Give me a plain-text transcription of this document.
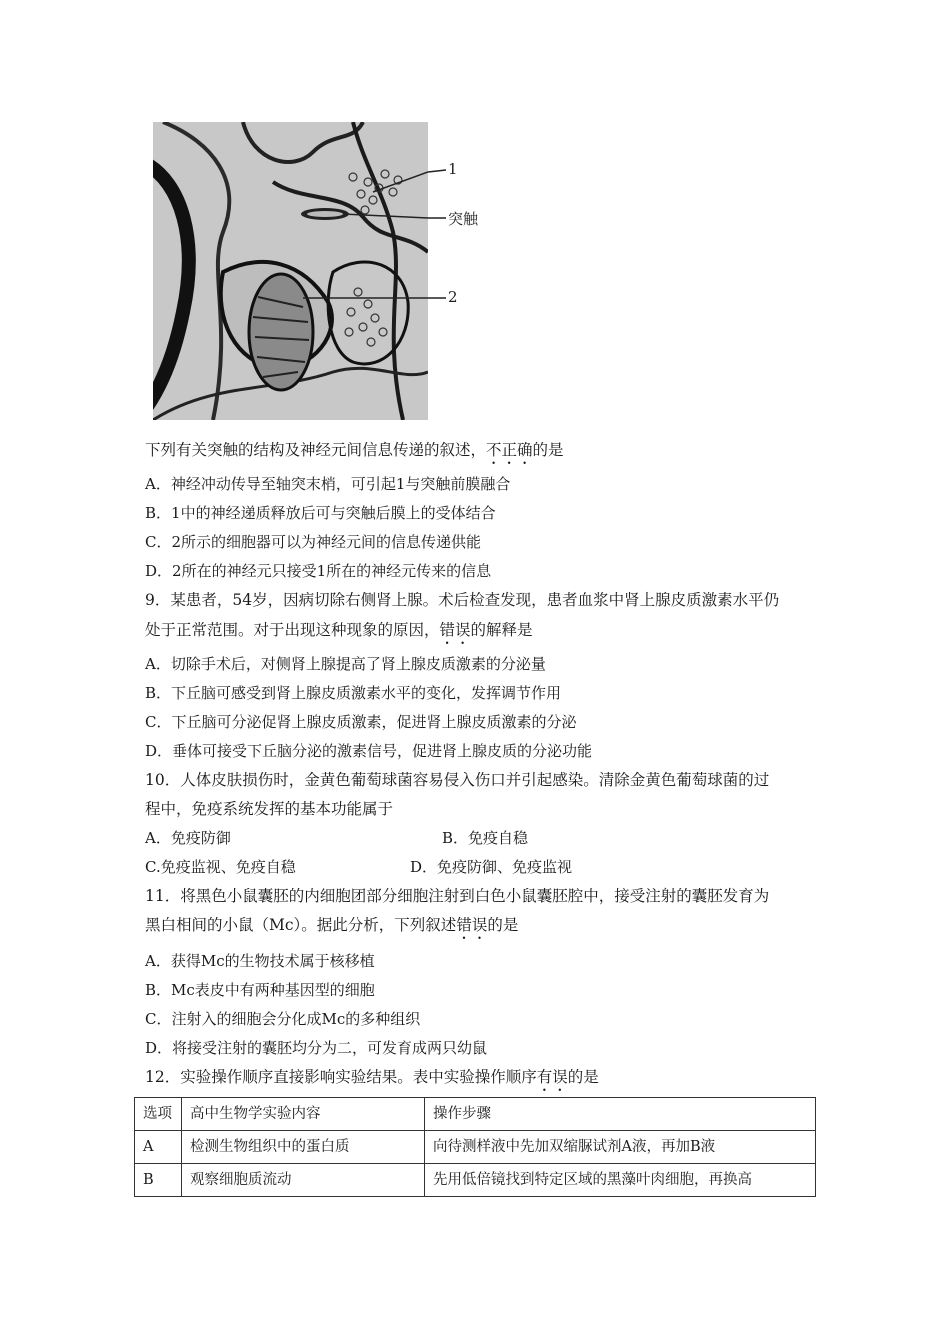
1
突触
2
下列有关突触的结构及神经元间信息传递的叙述，不正确的是
A．神经冲动传导至轴突末梢，可引起1与突触前膜融合
B．1中的神经递质释放后可与突触后膜上的受体结合
C．2所示的细胞器可以为神经元间的信息传递供能
D．2所在的神经元只接受1所在的神经元传来的信息
9．某患者，54岁，因病切除右侧肾上腺。术后检查发现，患者血浆中肾上腺皮质激素水平仍
处于正常范围。对于出现这种现象的原因，错误的解释是
A．切除手术后，对侧肾上腺提高了肾上腺皮质激素的分泌量
B．下丘脑可感受到肾上腺皮质激素水平的变化，发挥调节作用
C．下丘脑可分泌促肾上腺皮质激素，促进肾上腺皮质激素的分泌
D．垂体可接受下丘脑分泌的激素信号，促进肾上腺皮质的分泌功能
10．人体皮肤损伤时，金黄色葡萄球菌容易侵入伤口并引起感染。清除金黄色葡萄球菌的过
程中，免疫系统发挥的基本功能属于
A．免疫防御	B．免疫自稳
C.免疫监视、免疫自稳	D．免疫防御、免疫监视
11．将黑色小鼠囊胚的内细胞团部分细胞注射到白色小鼠囊胚腔中，接受注射的囊胚发育为
黑白相间的小鼠（Mc）。据此分析，下列叙述错误的是
A．获得Mc的生物技术属于核移植
B．Mc表皮中有两种基因型的细胞
C．注射入的细胞会分化成Mc的多种组织
D．将接受注射的囊胚均分为二，可发育成两只幼鼠
12．实验操作顺序直接影响实验结果。表中实验操作顺序有误的是
选项	高中生物学实验内容	操作步骤
A	检测生物组织中的蛋白质	向待测样液中先加双缩脲试剂A液，再加B液
B	观察细胞质流动	先用低倍镜找到特定区域的黑藻叶肉细胞，再换高
